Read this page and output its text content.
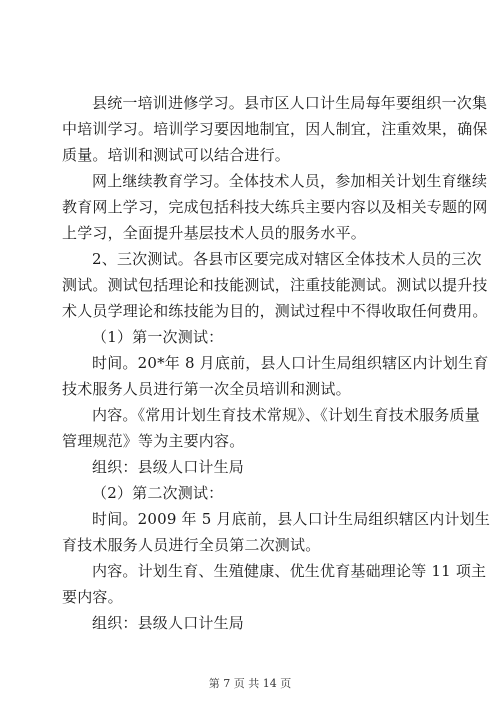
县统一培训进修学习。县市区人口计生局每年要组织一次集
中培训学习。培训学习要因地制宜，因人制宜，注重效果，确保
质量。培训和测试可以结合进行。
网上继续教育学习。全体技术人员，参加相关计划生育继续
教育网上学习，完成包括科技大练兵主要内容以及相关专题的网
上学习，全面提升基层技术人员的服务水平。
2、三次测试。各县市区要完成对辖区全体技术人员的三次
测试。测试包括理论和技能测试，注重技能测试。测试以提升技
术人员学理论和练技能为目的，测试过程中不得收取任何费用。
（1）第一次测试：
时间。20*年 8 月底前，县人口计生局组织辖区内计划生育
技术服务人员进行第一次全员培训和测试。
内容。《常用计划生育技术常规》、《计划生育技术服务质量
管理规范》等为主要内容。
组织：县级人口计生局
（2）第二次测试：
时间。2009 年 5 月底前，县人口计生局组织辖区内计划生
育技术服务人员进行全员第二次测试。
内容。计划生育、生殖健康、优生优育基础理论等 11 项主
要内容。
组织：县级人口计生局
第 7 页 共 14 页
